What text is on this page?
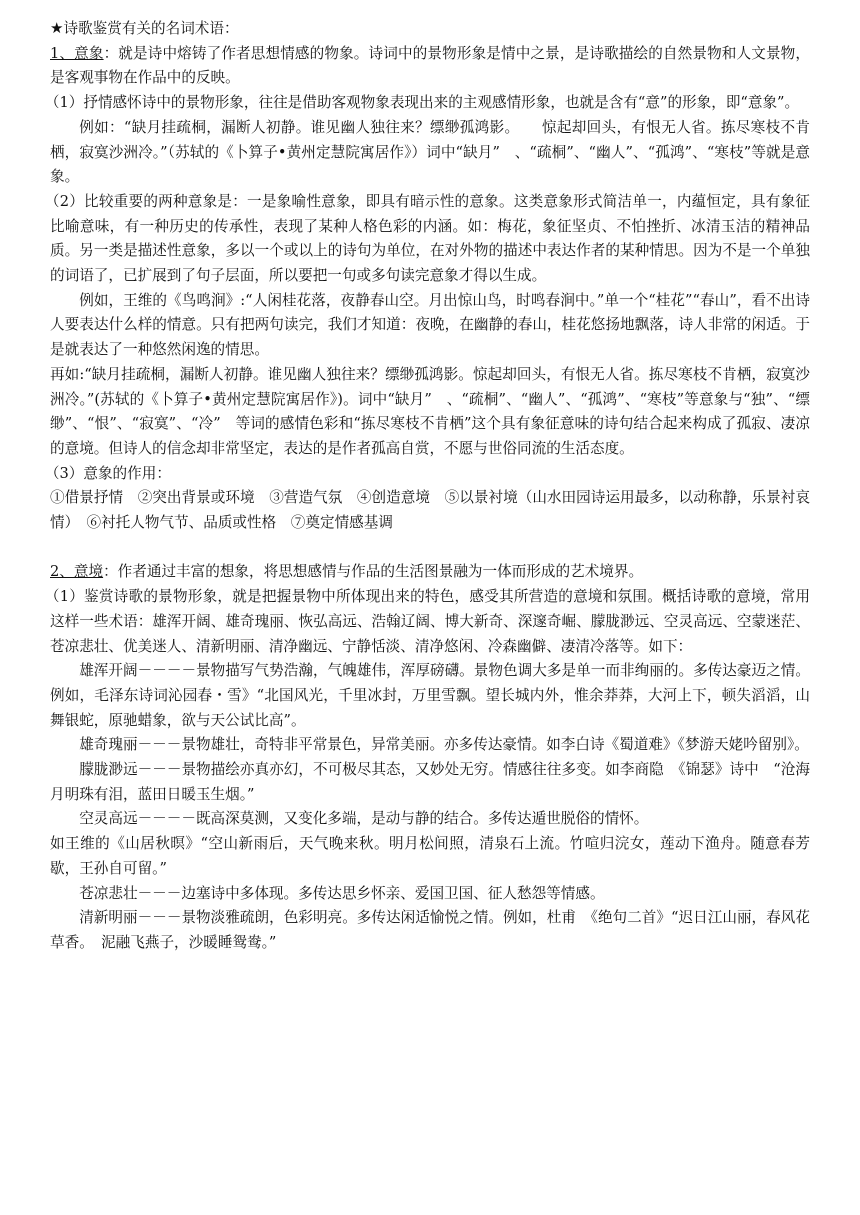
★诗歌鉴赏有关的名词术语：

1、意象：就是诗中熔铸了作者思想情感的物象。诗词中的景物形象是情中之景，是诗歌描绘的自然景物和人文景物，是客观事物在作品中的反映。

（1）抒情感怀诗中的景物形象，往往是借助客观物象表现出来的主观感情形象，也就是含有“意”的形象，即“意象”。

例如：“缺月挂疏桐，漏断人初静。谁见幽人独往来？缥缈孤鸿影。　　惊起却回头，有恨无人省。拣尽寒枝不肯栖，寂寞沙洲冷。”（苏轼的《卜算子•黄州定慧院寓居作》）词中“缺月”　、“疏桐”、“幽人”、“孤鸿”、“寒枝”等就是意象。

（2）比较重要的两种意象是：一是象喻性意象，即具有暗示性的意象。这类意象形式简洁单一，内蕴恒定，具有象征比喻意味，有一种历史的传承性，表现了某种人格色彩的内涵。如：梅花，象征坚贞、不怕挫折、冰清玉洁的精神品质。另一类是描述性意象，多以一个或以上的诗句为单位，在对外物的描述中表达作者的某种情思。因为不是一个单独的词语了，已扩展到了句子层面，所以要把一句或多句读完意象才得以生成。

例如，王维的《鸟鸣涧》:“人闲桂花落，夜静春山空。月出惊山鸟，时鸣春涧中。”单一个“桂花”“春山”，看不出诗人要表达什么样的情意。只有把两句读完，我们才知道：夜晚，在幽静的春山，桂花悠扬地飘落，诗人非常的闲适。于是就表达了一种悠然闲逸的情思。

再如:“缺月挂疏桐，漏断人初静。谁见幽人独往来？缥缈孤鸿影。惊起却回头，有恨无人省。拣尽寒枝不肯栖，寂寞沙洲冷。”(苏轼的《卜算子•黄州定慧院寓居作》)。词中“缺月”　、“疏桐”、“幽人”、“孤鸿”、“寒枝”等意象与“独”、“缥缈”、“恨”、“寂寞”、“冷”　等词的感情色彩和“拣尽寒枝不肯栖”这个具有象征意味的诗句结合起来构成了孤寂、凄凉的意境。但诗人的信念却非常坚定，表达的是作者孤高自赏，不愿与世俗同流的生活态度。

（3）意象的作用：

①借景抒情　②突出背景或环境　③营造气氛　④创造意境　⑤以景衬境（山水田园诗运用最多，以动称静，乐景衬哀情）　⑥衬托人物气节、品质或性格　⑦奠定情感基调

2、意境：作者通过丰富的想象，将思想感情与作品的生活图景融为一体而形成的艺术境界。

（1）鉴赏诗歌的景物形象，就是把握景物中所体现出来的特色，感受其所营造的意境和氛围。概括诗歌的意境，常用这样一些术语：雄浑开阔、雄奇瑰丽、恢弘高远、浩翰辽阔、博大新奇、深邃奇崛、朦胧渺远、空灵高远、空蒙迷茫、苍凉悲壮、优美迷人、清新明丽、清净幽远、宁静恬淡、清净悠闲、冷森幽僻、凄清冷落等。如下：

雄浑开阔－－－－景物描写气势浩瀚，气魄雄伟，浑厚磅礴。景物色调大多是单一而非绚丽的。多传达豪迈之情。例如，毛泽东诗词沁园春・雪》“北国风光，千里冰封，万里雪飘。望长城内外，惟余莽莽，大河上下，顿失滔滔，山舞银蛇，原驰蜡象，欲与天公试比高”。

雄奇瑰丽－－－景物雄壮，奇特非平常景色，异常美丽。亦多传达豪情。如李白诗《蜀道难》《梦游天姥吟留别》。

朦胧渺远－－－景物描绘亦真亦幻，不可极尽其态，又妙处无穷。情感往往多变。如李商隐　《锦瑟》诗中　“沧海月明珠有泪，蓝田日暖玉生烟。”

空灵高远－－－－既高深莫测，又变化多端，是动与静的结合。多传达遁世脱俗的情怀。

如王维的《山居秋暝》“空山新雨后，天气晚来秋。明月松间照，清泉石上流。竹喧归浣女，莲动下渔舟。随意春芳歇，王孙自可留。”

苍凉悲壮－－－边塞诗中多体现。多传达思乡怀亲、爱国卫国、征人愁怨等情感。

清新明丽－－－景物淡雅疏朗，色彩明亮。多传达闲适愉悦之情。例如，杜甫　《绝句二首》“迟日江山丽，春风花草香。　泥融飞燕子，沙暖睡鸳鸯。”
